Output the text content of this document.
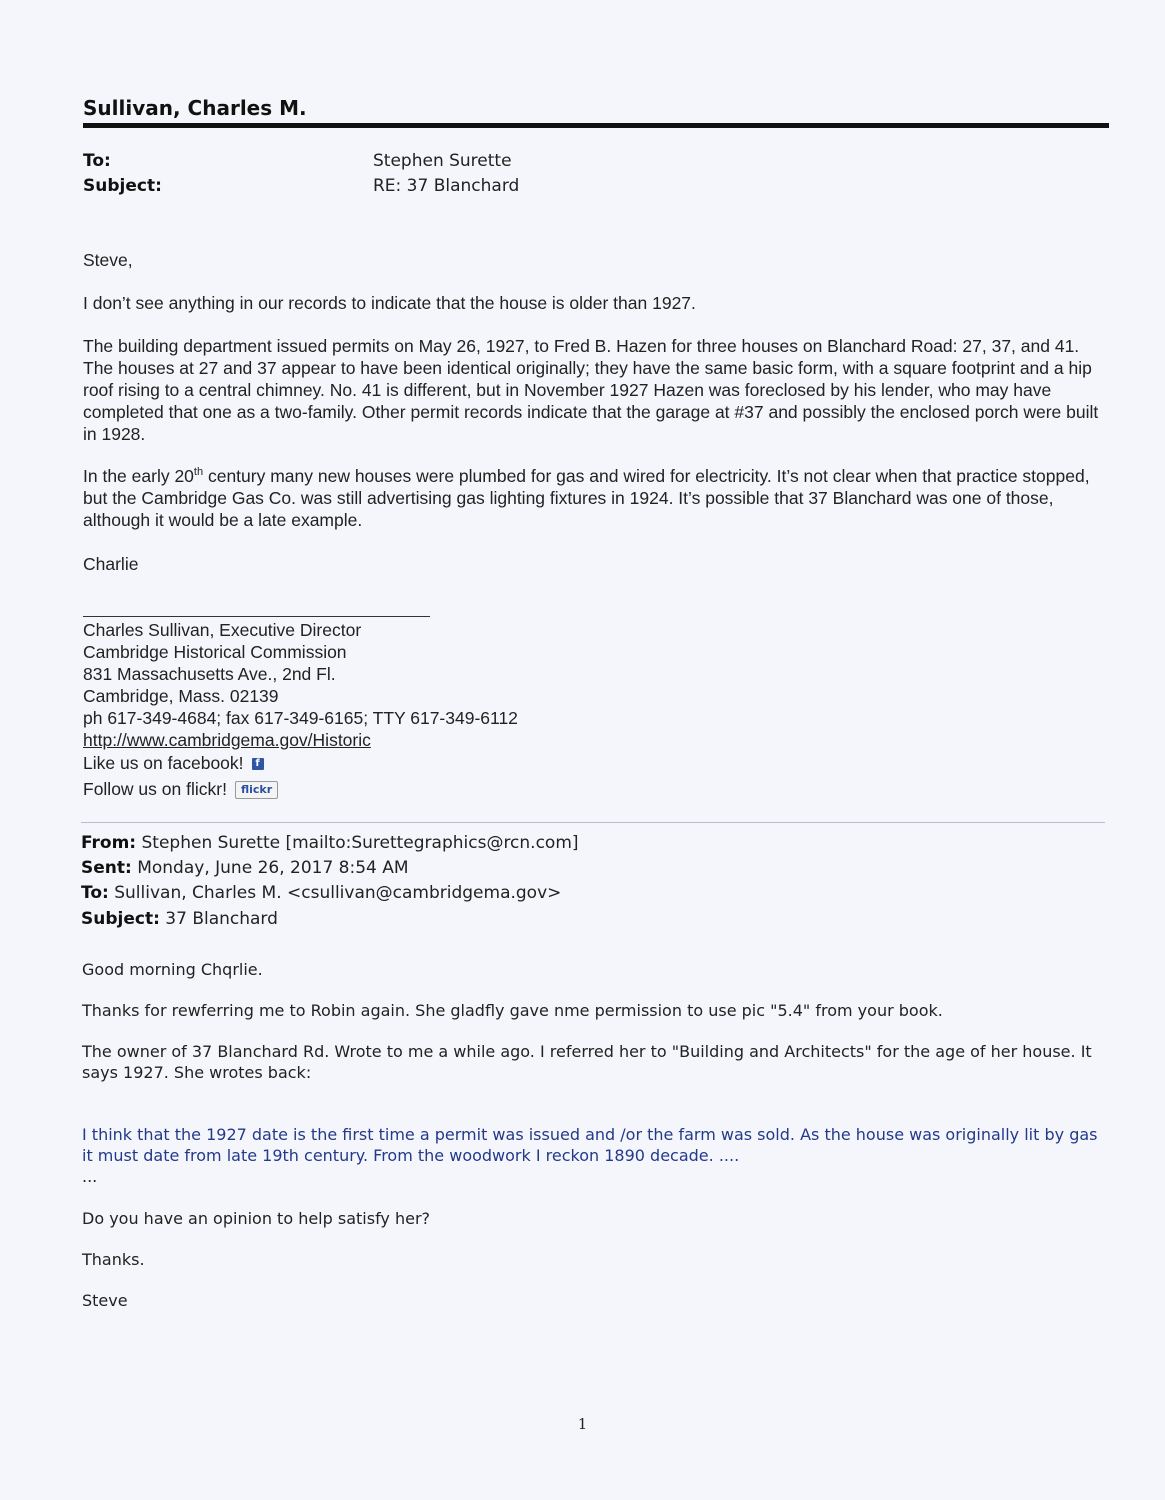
Sullivan, Charles M.
To:	Stephen Surette
Subject:	RE: 37 Blanchard
Steve,
I don’t see anything in our records to indicate that the house is older than 1927.
The building department issued permits on May 26, 1927, to Fred B. Hazen for three houses on Blanchard Road: 27, 37, and 41. The houses at 27 and 37 appear to have been identical originally; they have the same basic form, with a square footprint and a hip roof rising to a central chimney. No. 41 is different, but in November 1927 Hazen was foreclosed by his lender, who may have completed that one as a two-family. Other permit records indicate that the garage at #37 and possibly the enclosed porch were built in 1928.
In the early 20th century many new houses were plumbed for gas and wired for electricity. It’s not clear when that practice stopped, but the Cambridge Gas Co. was still advertising gas lighting fixtures in 1924. It’s possible that 37 Blanchard was one of those, although it would be a late example.
Charlie
Charles Sullivan, Executive Director
Cambridge Historical Commission
831 Massachusetts Ave., 2nd Fl.
Cambridge, Mass. 02139
ph 617-349-4684; fax 617-349-6165; TTY 617-349-6112
http://www.cambridgema.gov/Historic
Like us on facebook! f
Follow us on flickr! flickr
From: Stephen Surette [mailto:Surettegraphics@rcn.com]
Sent: Monday, June 26, 2017 8:54 AM
To: Sullivan, Charles M. <csullivan@cambridgema.gov>
Subject: 37 Blanchard
Good morning Chqrlie.
Thanks for rewferring me to Robin again. She gladfly gave nme permission to use pic "5.4" from your book.
The owner of 37 Blanchard Rd. Wrote to me a while ago. I referred her to "Building and Architects" for the age of her house. It says 1927. She wrotes back:
I think that the 1927 date is the first time a permit was issued and /or the farm was sold. As the house was originally lit by gas it must date from late 19th century. From the woodwork I reckon 1890 decade. ....
...
Do you have an opinion to help satisfy her?
Thanks.
Steve
1
